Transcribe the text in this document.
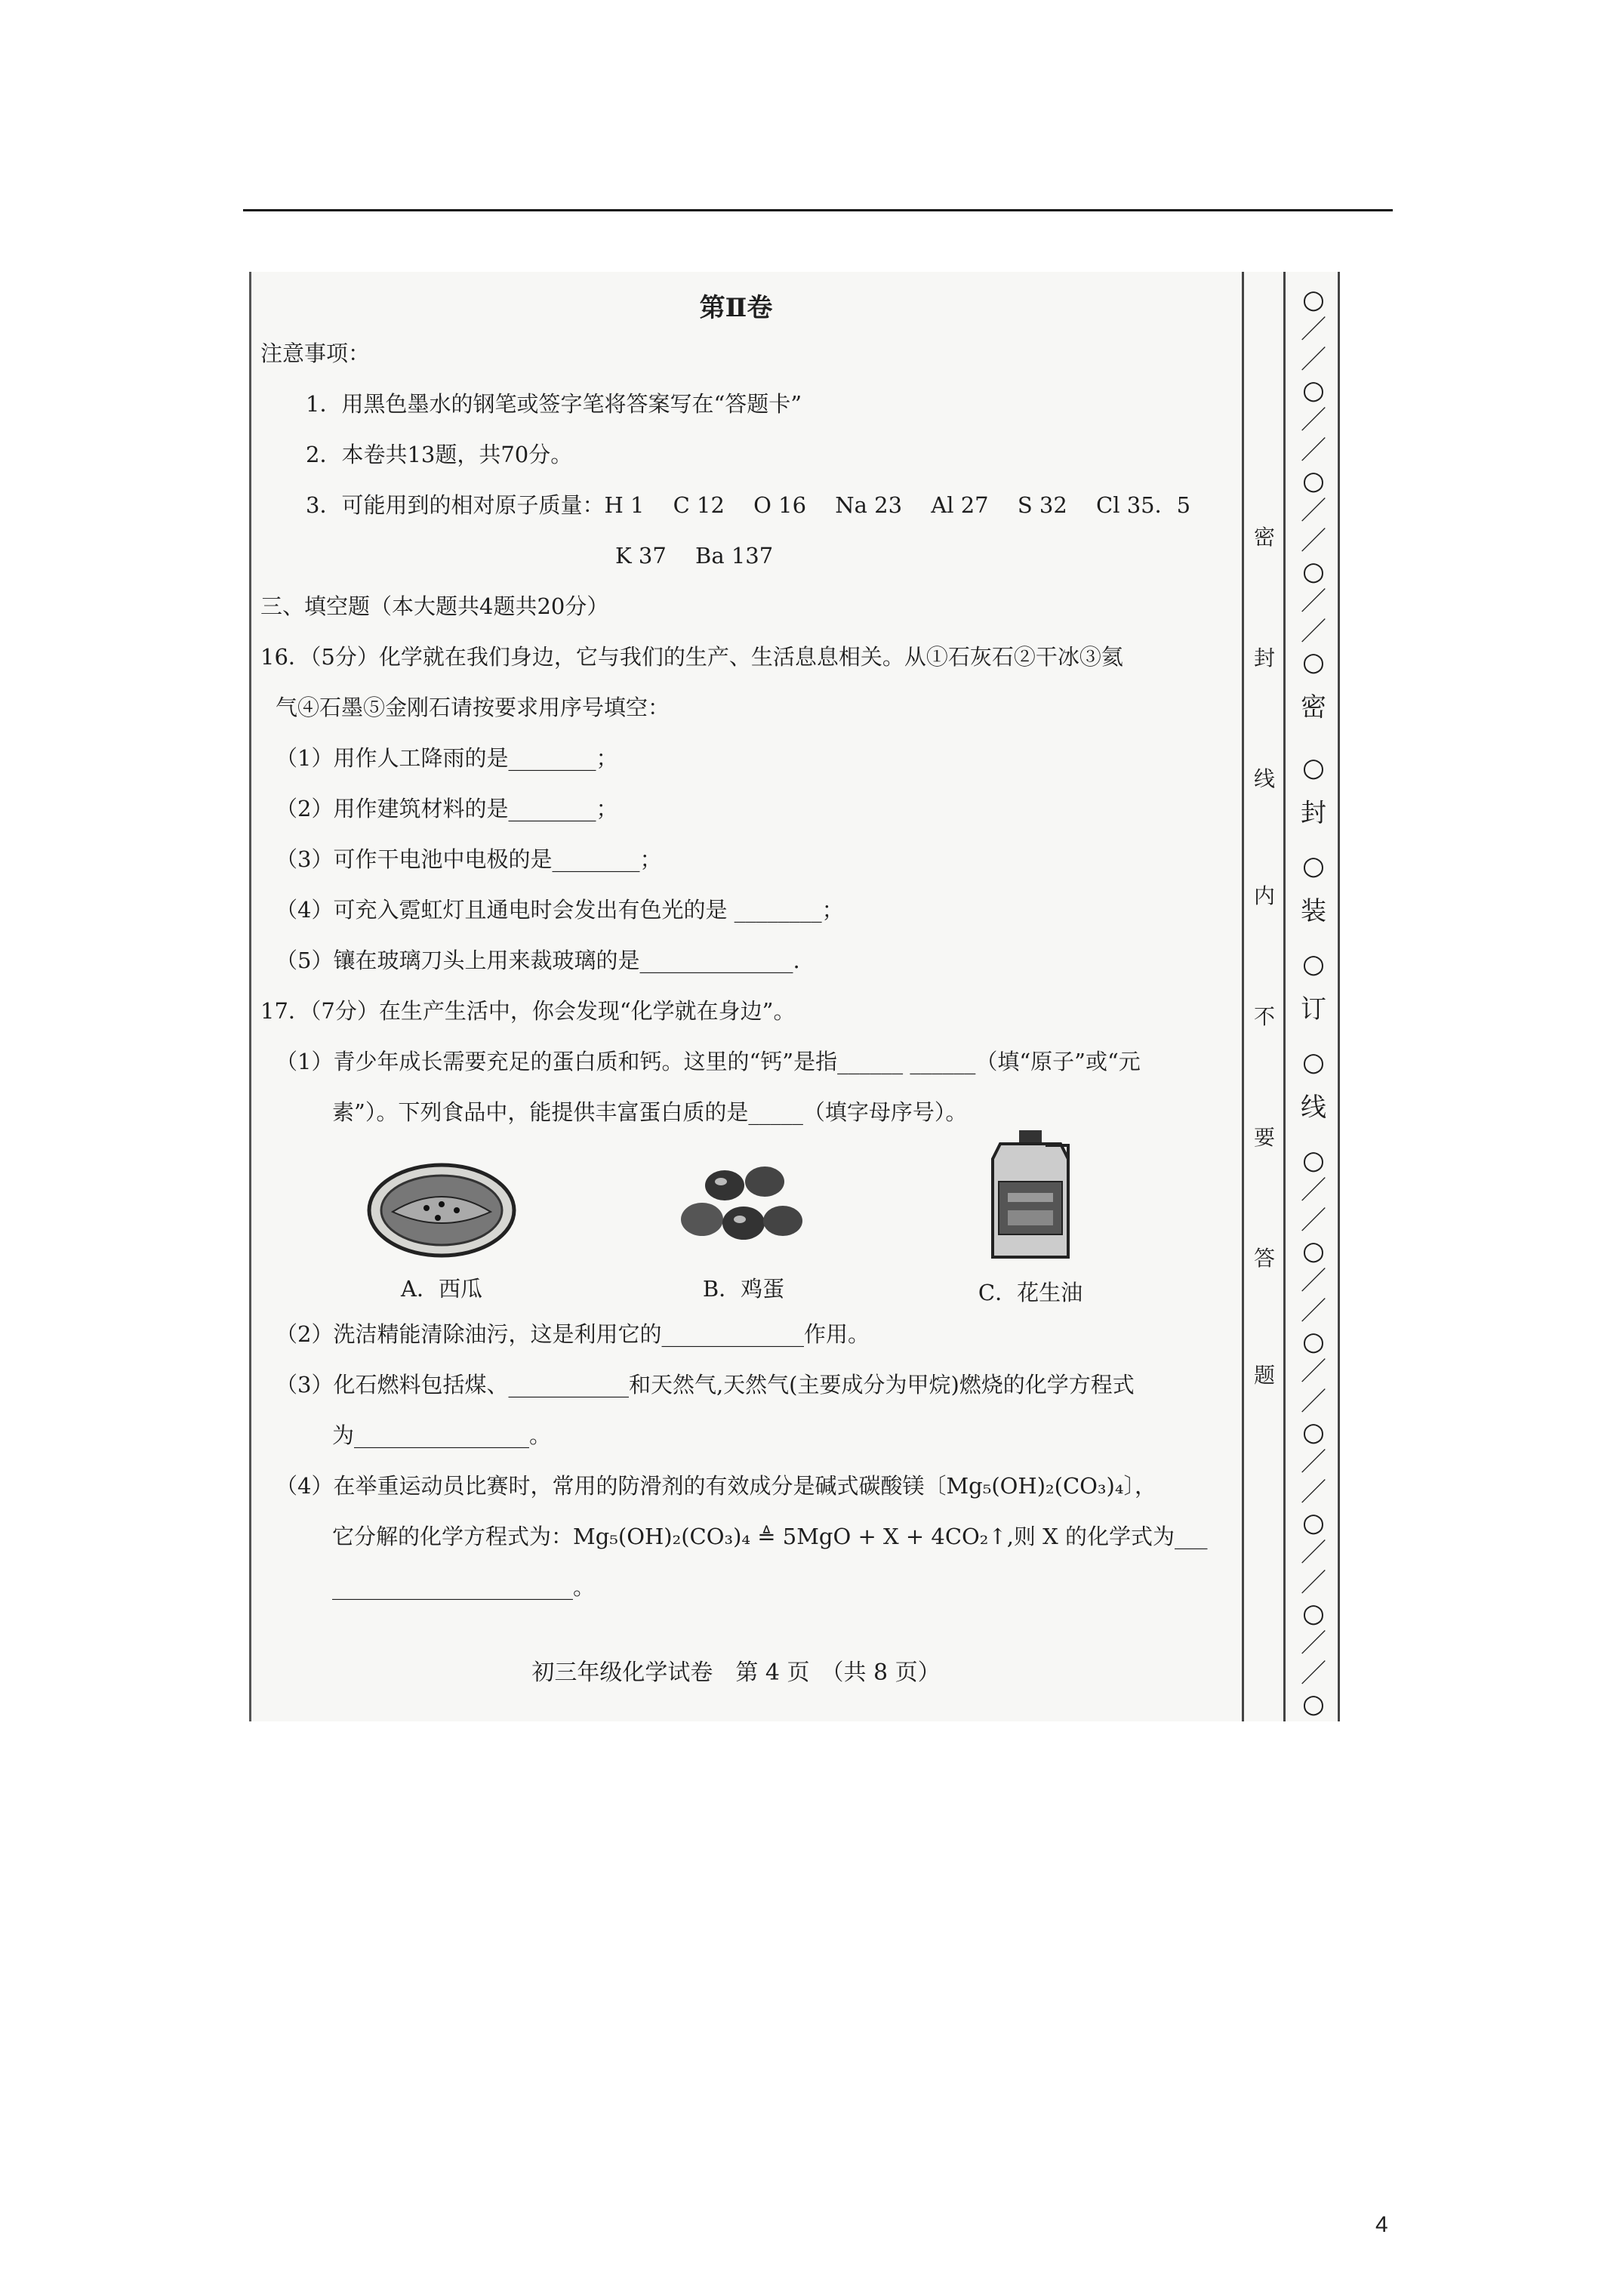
第Ⅱ卷
注意事项：
1．用黑色墨水的钢笔或签字笔将答案写在“答题卡”
2．本卷共13题，共70分。
3．可能用到的相对原子质量：H 1　 C 12　 O 16　 Na 23　 Al 27　 S 32　 Cl 35．5
K 37　 Ba 137
三、填空题（本大题共4题共20分）
16．（5分）化学就在我们身边，它与我们的生产、生活息息相关。从①石灰石②干冰③氦
气④石墨⑤金刚石请按要求用序号填空：
（1）用作人工降雨的是________；
（2）用作建筑材料的是________；
（3）可作干电池中电极的是________；
（4）可充入霓虹灯且通电时会发出有色光的是 ________；
（5）镶在玻璃刀头上用来裁玻璃的是______________.
17．（7分）在生产生活中，你会发现“化学就在身边”。
（1）青少年成长需要充足的蛋白质和钙。这里的“钙”是指______ ______（填“原子”或“元
素”）。下列食品中，能提供丰富蛋白质的是_____（填字母序号）。
A．西瓜	B．鸡蛋	C．花生油
（2）洗洁精能清除油污，这是利用它的_____________作用。
（3）化石燃料包括煤、___________和天然气,天然气(主要成分为甲烷)燃烧的化学方程式
为________________。
（4）在举重运动员比赛时，常用的防滑剂的有效成分是碱式碳酸镁〔Mg₅(OH)₂(CO₃)₄〕，
它分解的化学方程式为：Mg₅(OH)₂(CO₃)₄ ≜ 5MgO + X + 4CO₂↑,则 X 的化学式为___
______________________。
初三年级化学试卷　第 4 页　（共 8 页）
密
封
线
内
不
要
答
题
○
／
／
○
／
／
○
／
／
○
／
／
○
密
○
封
○
装
○
订
○
线
○
／
／
○
／
／
○
／
／
○
／
／
○
／
／
○
／
／
○
4
